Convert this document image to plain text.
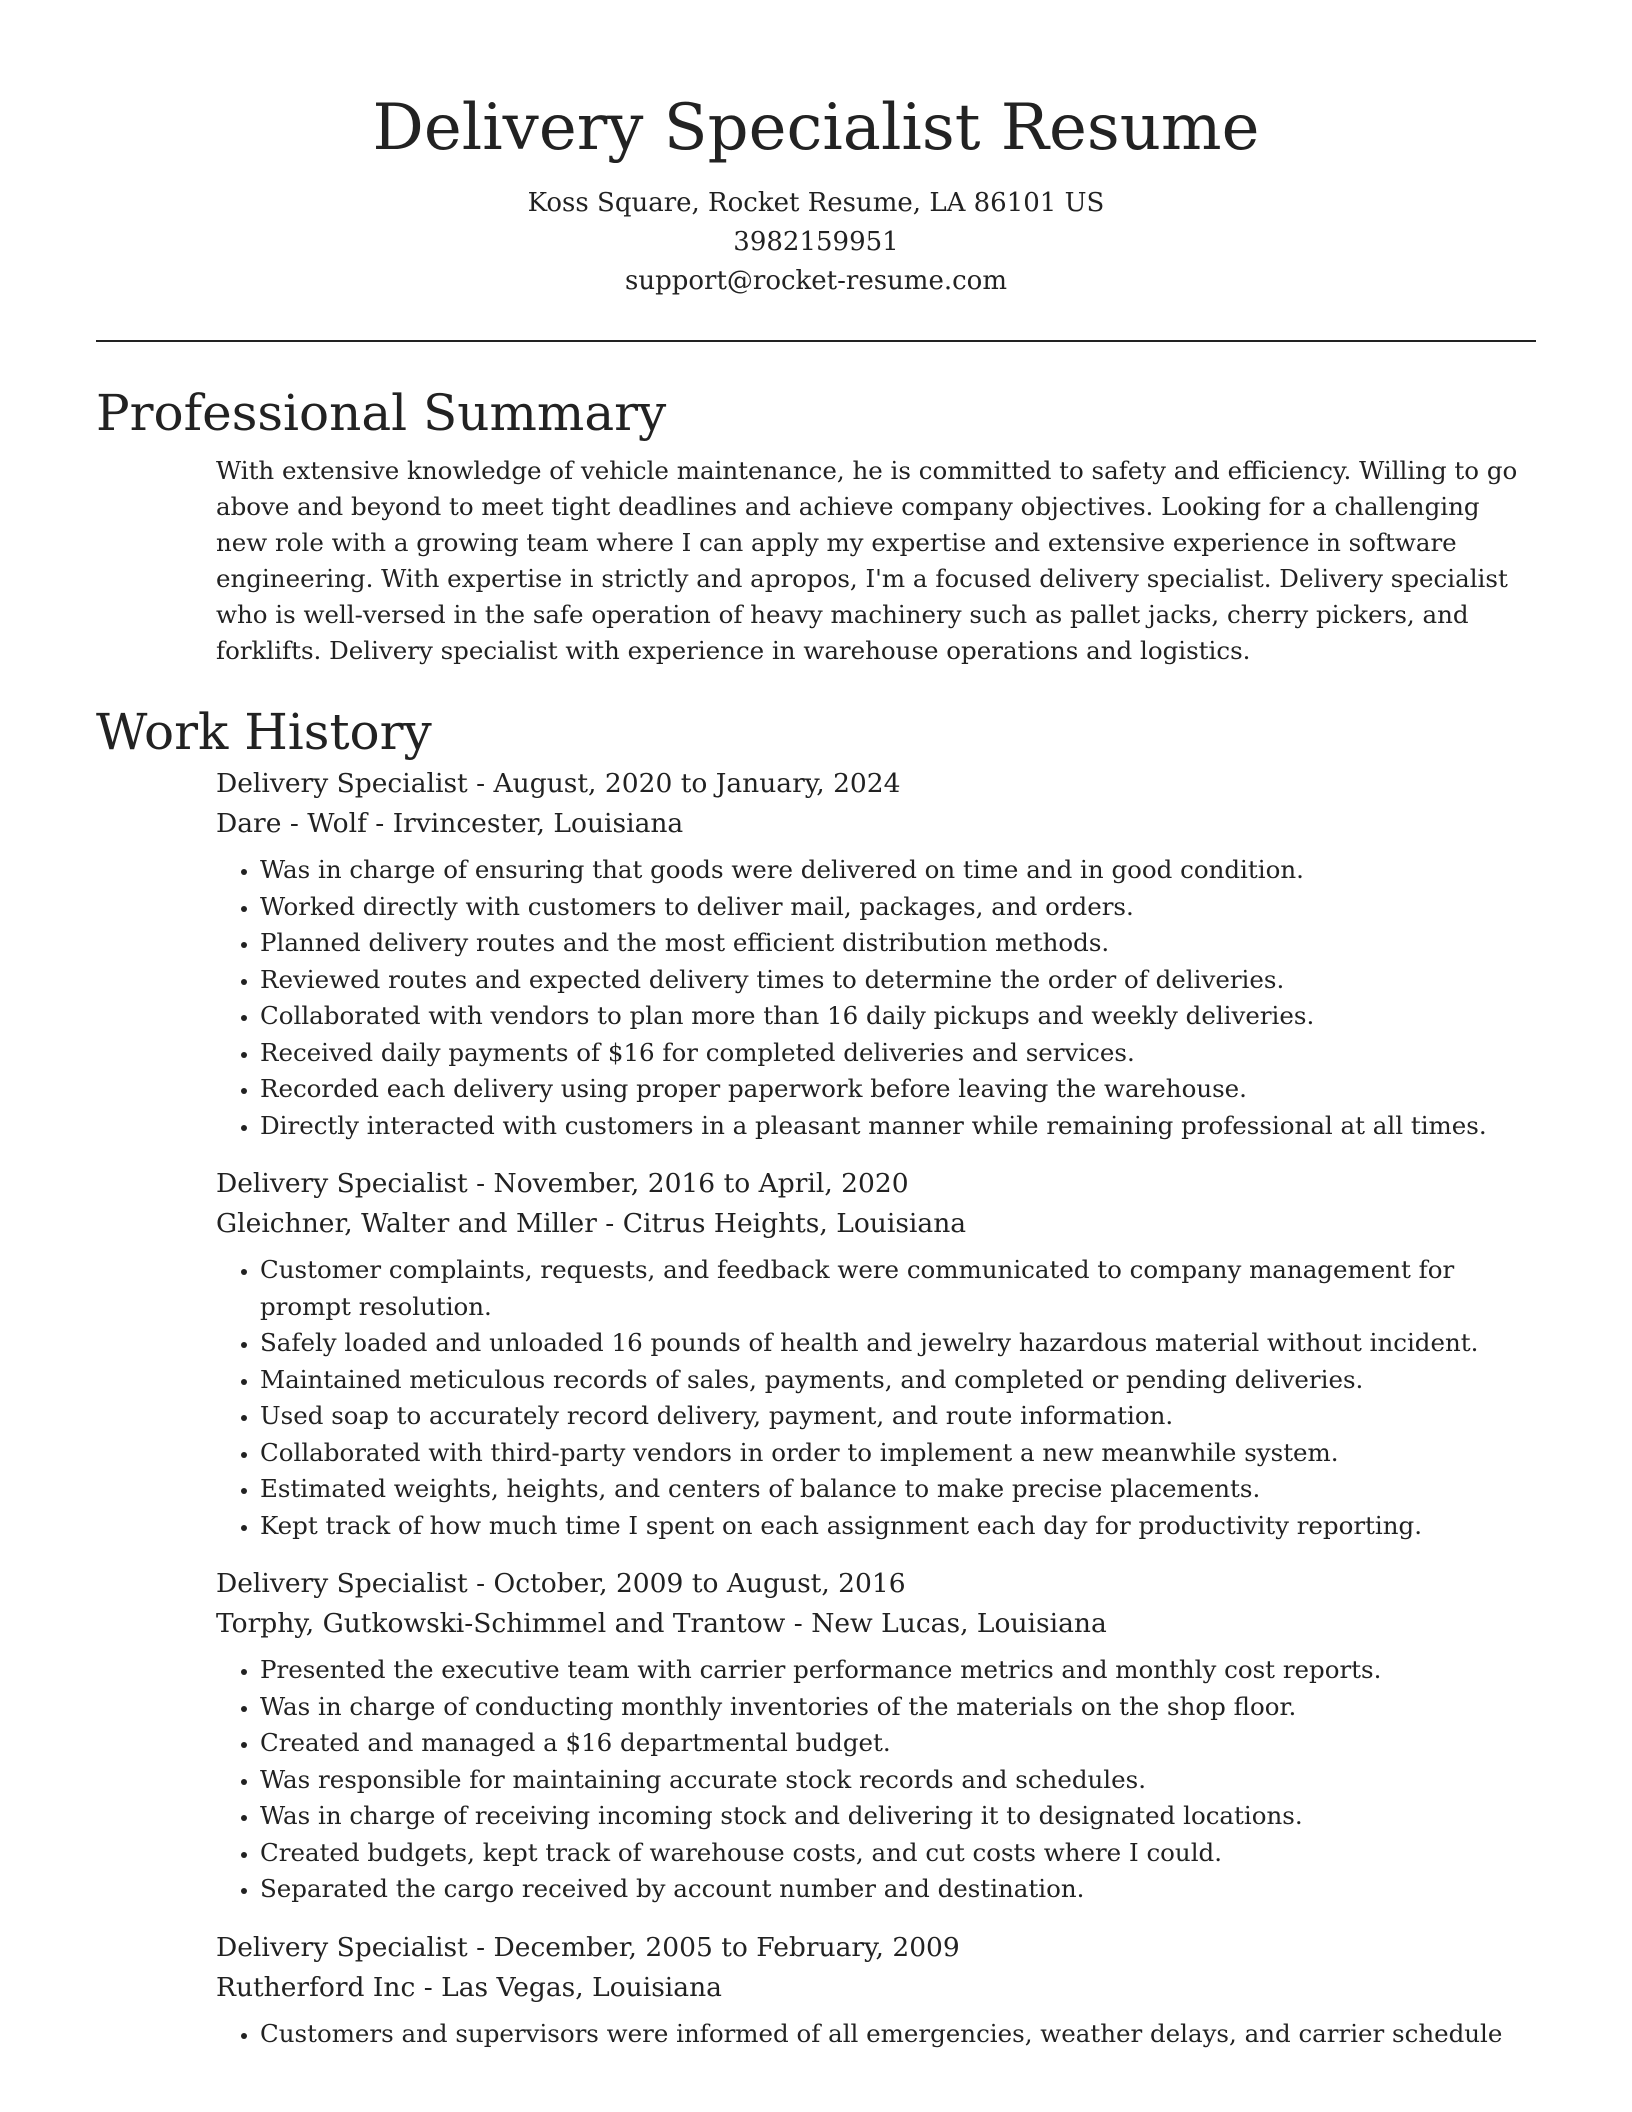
Delivery Specialist Resume
Koss Square, Rocket Resume, LA 86101 US
3982159951
support@rocket-resume.com
Professional Summary

With extensive knowledge of vehicle maintenance, he is committed to safety and efficiency. Willing to go above and beyond to meet tight deadlines and achieve company objectives. Looking for a challenging new role with a growing team where I can apply my expertise and extensive experience in software engineering. With expertise in strictly and apropos, I'm a focused delivery specialist. Delivery specialist who is well-versed in the safe operation of heavy machinery such as pallet jacks, cherry pickers, and forklifts. Delivery specialist with experience in warehouse operations and logistics.

Work History
Delivery Specialist - August, 2020 to January, 2024
Dare - Wolf - Irvincester, Louisiana
• Was in charge of ensuring that goods were delivered on time and in good condition.
• Worked directly with customers to deliver mail, packages, and orders.
• Planned delivery routes and the most efficient distribution methods.
• Reviewed routes and expected delivery times to determine the order of deliveries.
• Collaborated with vendors to plan more than 16 daily pickups and weekly deliveries.
• Received daily payments of $16 for completed deliveries and services.
• Recorded each delivery using proper paperwork before leaving the warehouse.
• Directly interacted with customers in a pleasant manner while remaining professional at all times.
Delivery Specialist - November, 2016 to April, 2020
Gleichner, Walter and Miller - Citrus Heights, Louisiana
• Customer complaints, requests, and feedback were communicated to company management for prompt resolution.
• Safely loaded and unloaded 16 pounds of health and jewelry hazardous material without incident.
• Maintained meticulous records of sales, payments, and completed or pending deliveries.
• Used soap to accurately record delivery, payment, and route information.
• Collaborated with third-party vendors in order to implement a new meanwhile system.
• Estimated weights, heights, and centers of balance to make precise placements.
• Kept track of how much time I spent on each assignment each day for productivity reporting.
Delivery Specialist - October, 2009 to August, 2016
Torphy, Gutkowski-Schimmel and Trantow - New Lucas, Louisiana
• Presented the executive team with carrier performance metrics and monthly cost reports.
• Was in charge of conducting monthly inventories of the materials on the shop floor.
• Created and managed a $16 departmental budget.
• Was responsible for maintaining accurate stock records and schedules.
• Was in charge of receiving incoming stock and delivering it to designated locations.
• Created budgets, kept track of warehouse costs, and cut costs where I could.
• Separated the cargo received by account number and destination.
Delivery Specialist - December, 2005 to February, 2009
Rutherford Inc - Las Vegas, Louisiana
• Customers and supervisors were informed of all emergencies, weather delays, and carrier schedule
